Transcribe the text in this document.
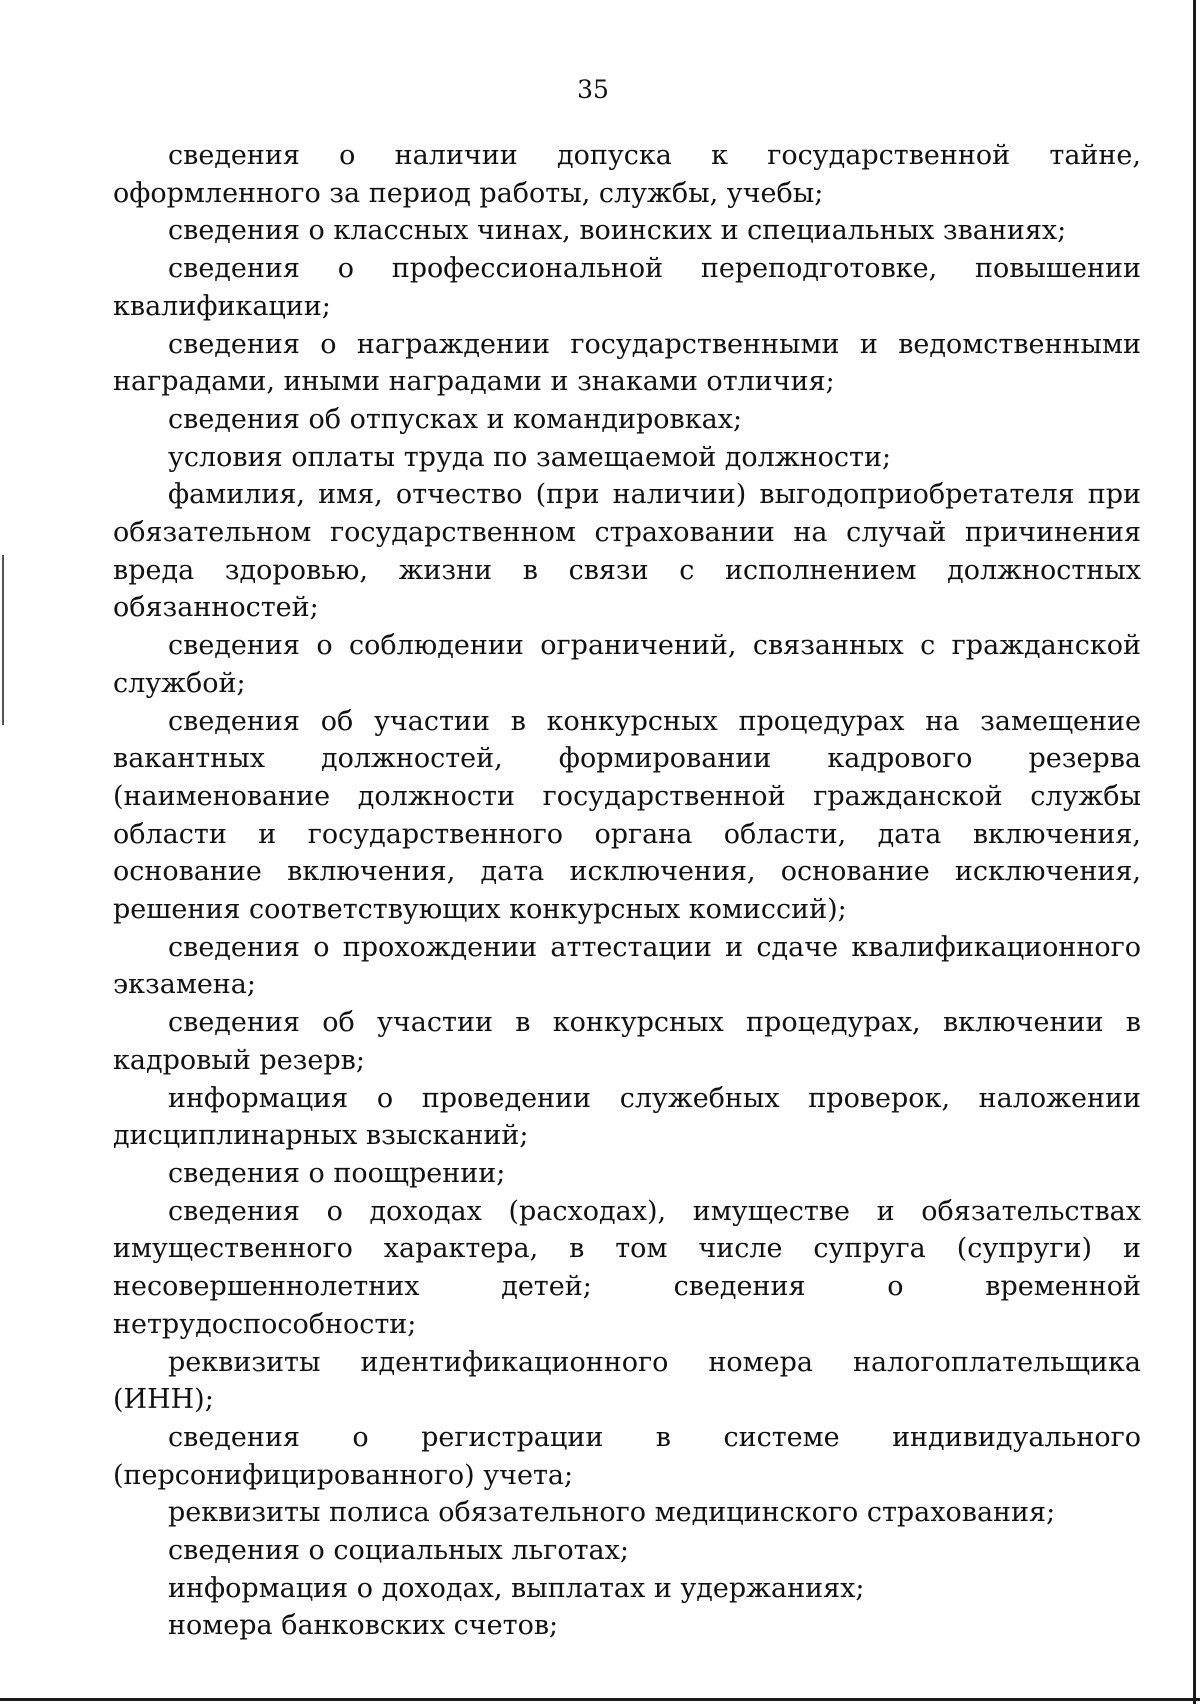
35

сведения о наличии допуска к государственной тайне, оформленного за период работы, службы, учебы;

сведения о классных чинах, воинских и специальных званиях;

сведения о профессиональной переподготовке, повышении квалификации;

сведения о награждении государственными и ведомственными наградами, иными наградами и знаками отличия;

сведения об отпусках и командировках;

условия оплаты труда по замещаемой должности;

фамилия, имя, отчество (при наличии) выгодоприобретателя при обязательном государственном страховании на случай причинения вреда здоровью, жизни в связи с исполнением должностных обязанностей;

сведения о соблюдении ограничений, связанных с гражданской службой;

сведения об участии в конкурсных процедурах на замещение вакантных должностей, формировании кадрового резерва (наименование должности государственной гражданской службы области и государственного органа области, дата включения, основание включения, дата исключения, основание исключения, решения соответствующих конкурсных комиссий);

сведения о прохождении аттестации и сдаче квалификационного экзамена;

сведения об участии в конкурсных процедурах, включении в кадровый резерв;

информация о проведении служебных проверок, наложении дисциплинарных взысканий;

сведения о поощрении;

сведения о доходах (расходах), имуществе и обязательствах имущественного характера, в том числе супруга (супруги) и несовершеннолетних детей; сведения о временной нетрудоспособности;

реквизиты идентификационного номера налогоплательщика (ИНН);

сведения о регистрации в системе индивидуального (персонифицированного) учета;

реквизиты полиса обязательного медицинского страхования;

сведения о социальных льготах;

информация о доходах, выплатах и удержаниях;

номера банковских счетов;
